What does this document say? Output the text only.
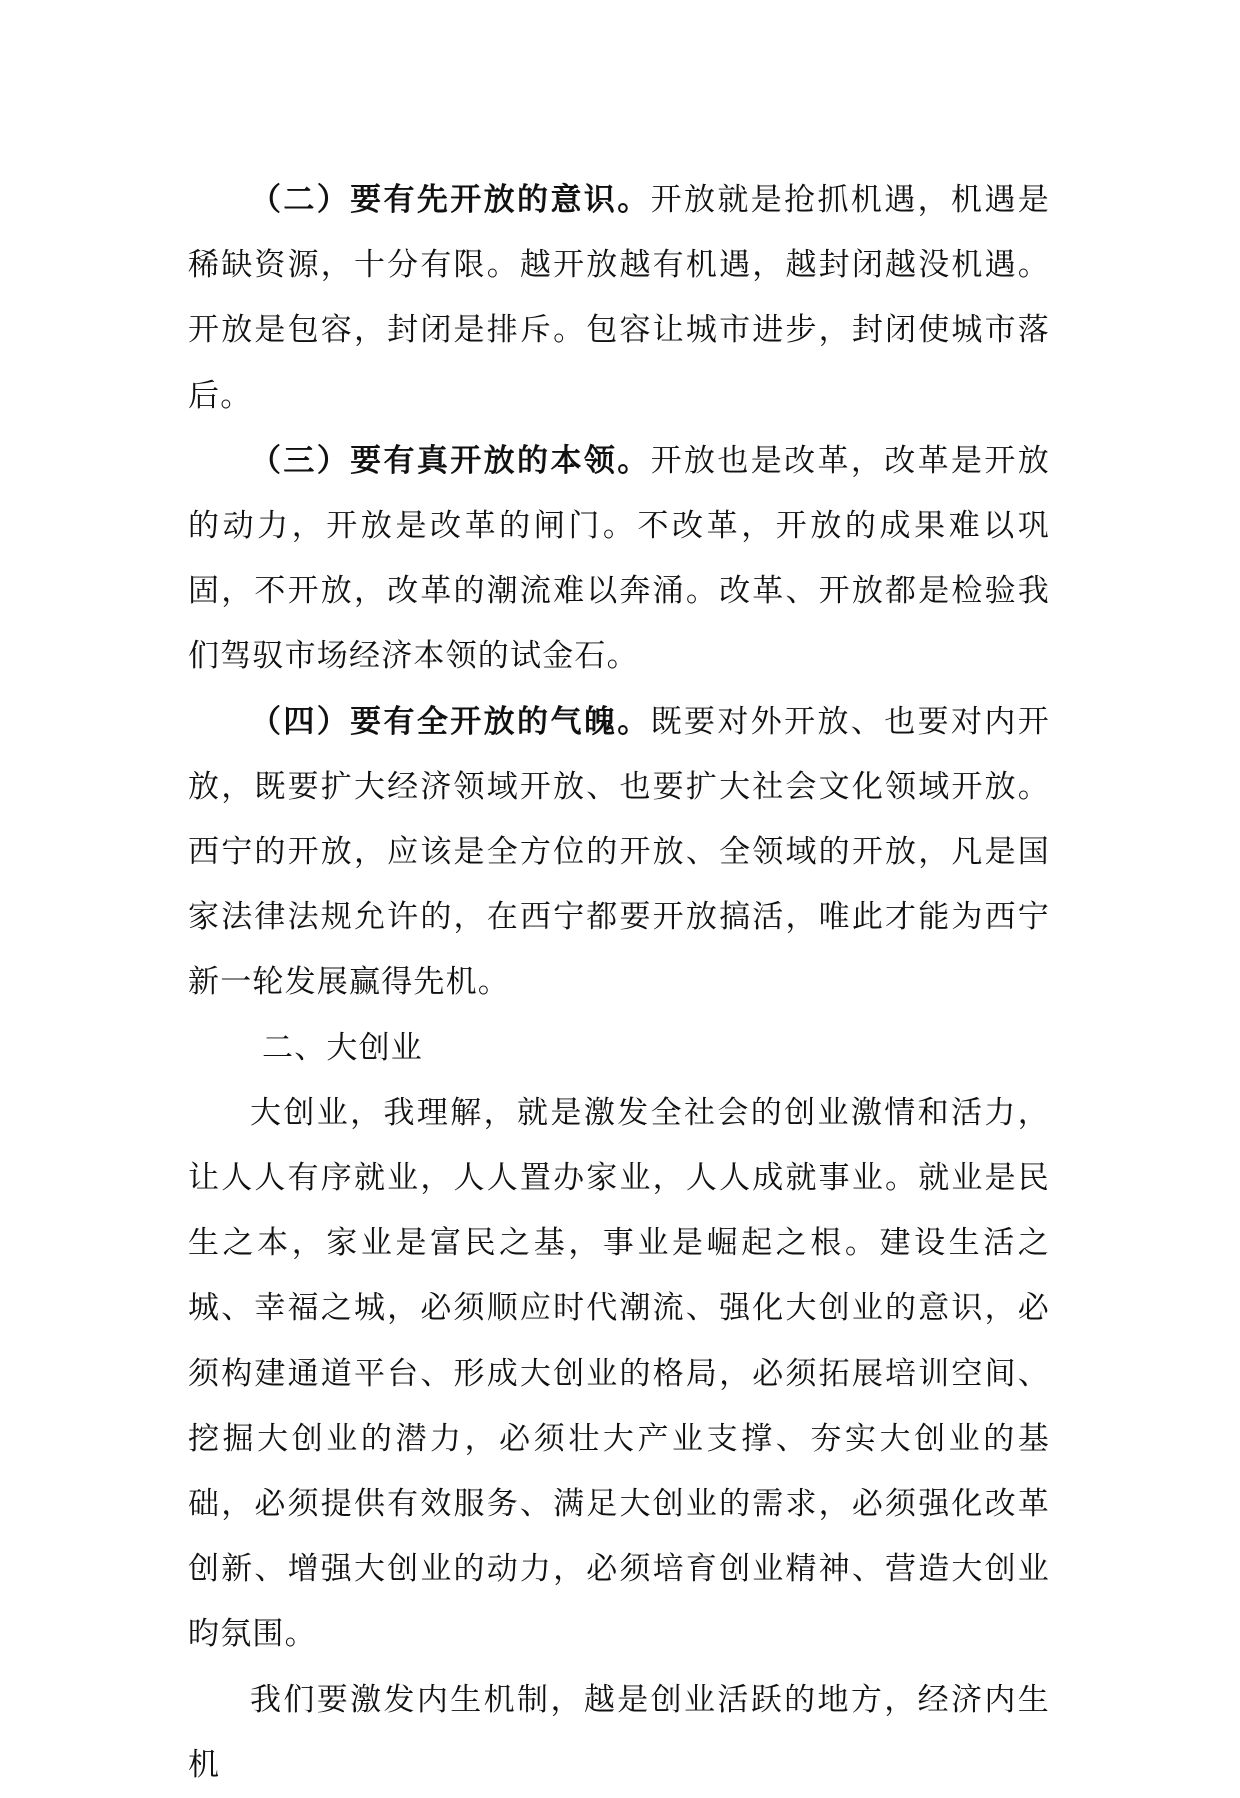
（二）要有先开放的意识。开放就是抢抓机遇，机遇是稀缺资源，十分有限。越开放越有机遇，越封闭越没机遇。开放是包容，封闭是排斥。包容让城市进步，封闭使城市落后。

（三）要有真开放的本领。开放也是改革，改革是开放的动力，开放是改革的闸门。不改革，开放的成果难以巩固，不开放，改革的潮流难以奔涌。改革、开放都是检验我们驾驭市场经济本领的试金石。

（四）要有全开放的气魄。既要对外开放、也要对内开放，既要扩大经济领域开放、也要扩大社会文化领域开放。西宁的开放，应该是全方位的开放、全领域的开放，凡是国家法律法规允许的，在西宁都要开放搞活，唯此才能为西宁新一轮发展赢得先机。

二、大创业

大创业，我理解，就是激发全社会的创业激情和活力，让人人有序就业，人人置办家业，人人成就事业。就业是民生之本，家业是富民之基，事业是崛起之根。建设生活之城、幸福之城，必须顺应时代潮流、强化大创业的意识，必须构建通道平台、形成大创业的格局，必须拓展培训空间、挖掘大创业的潜力，必须壮大产业支撑、夯实大创业的基础，必须提供有效服务、满足大创业的需求，必须强化改革创新、增强大创业的动力，必须培育创业精神、营造大创业昀氛围。

我们要激发内生机制，越是创业活跃的地方，经济内生机
